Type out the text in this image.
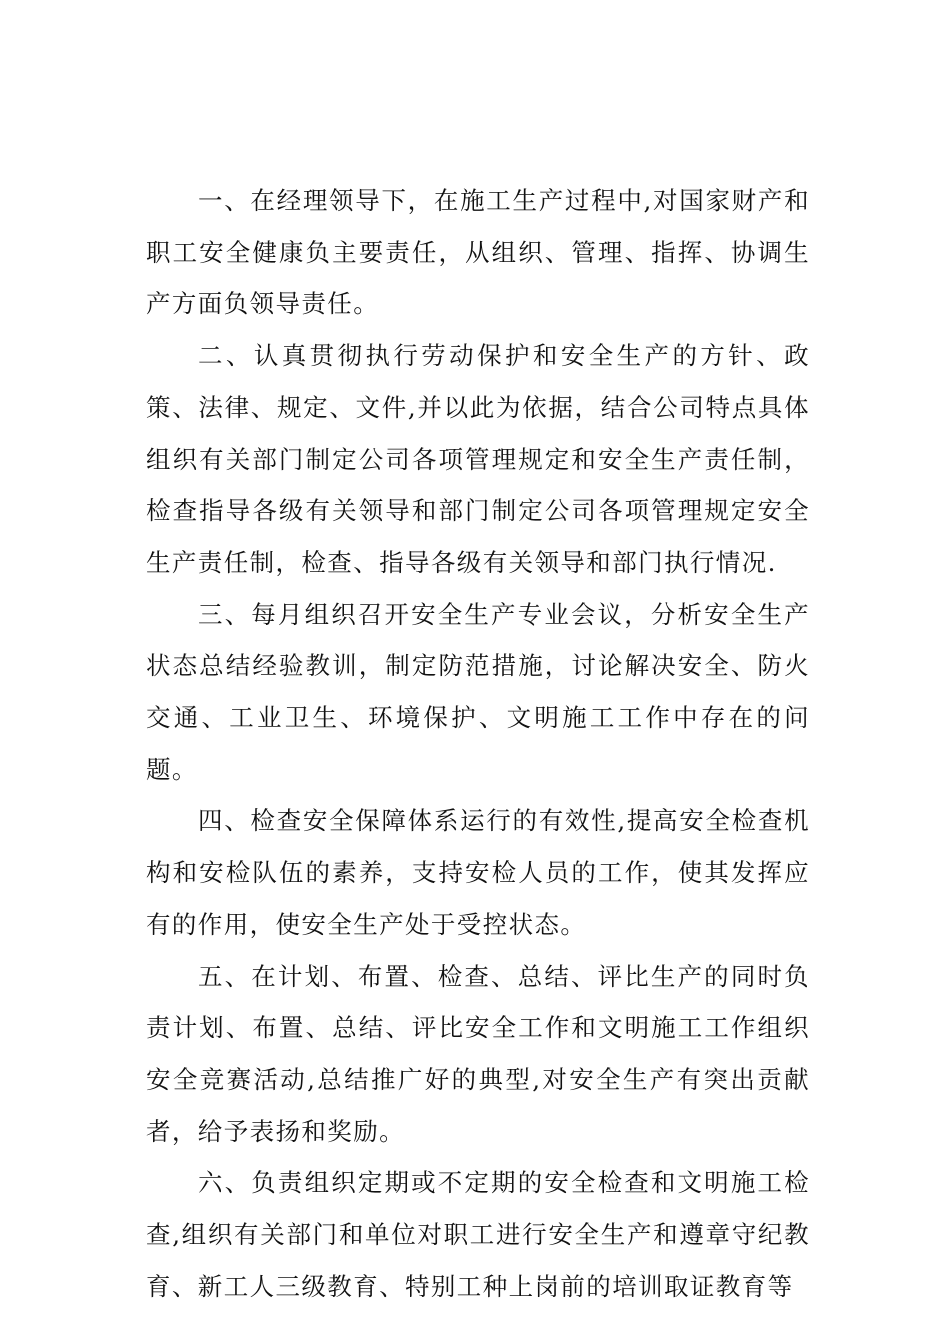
一、在经理领导下，在施工生产过程中,对国家财产和职工安全健康负主要责任，从组织、管理、指挥、协调生产方面负领导责任。

二、认真贯彻执行劳动保护和安全生产的方针、政策、法律、规定、文件,并以此为依据，结合公司特点具体组织有关部门制定公司各项管理规定和安全生产责任制，检查指导各级有关领导和部门制定公司各项管理规定安全生产责任制，检查、指导各级有关领导和部门执行情况.

三、每月组织召开安全生产专业会议，分析安全生产状态总结经验教训，制定防范措施，讨论解决安全、防火交通、工业卫生、环境保护、文明施工工作中存在的问题。

四、检查安全保障体系运行的有效性,提高安全检查机构和安检队伍的素养，支持安检人员的工作，使其发挥应有的作用，使安全生产处于受控状态。

五、在计划、布置、检查、总结、评比生产的同时负责计划、布置、总结、评比安全工作和文明施工工作组织安全竞赛活动,总结推广好的典型,对安全生产有突出贡献者，给予表扬和奖励。

六、负责组织定期或不定期的安全检查和文明施工检查,组织有关部门和单位对职工进行安全生产和遵章守纪教育、新工人三级教育、特别工种上岗前的培训取证教育等
